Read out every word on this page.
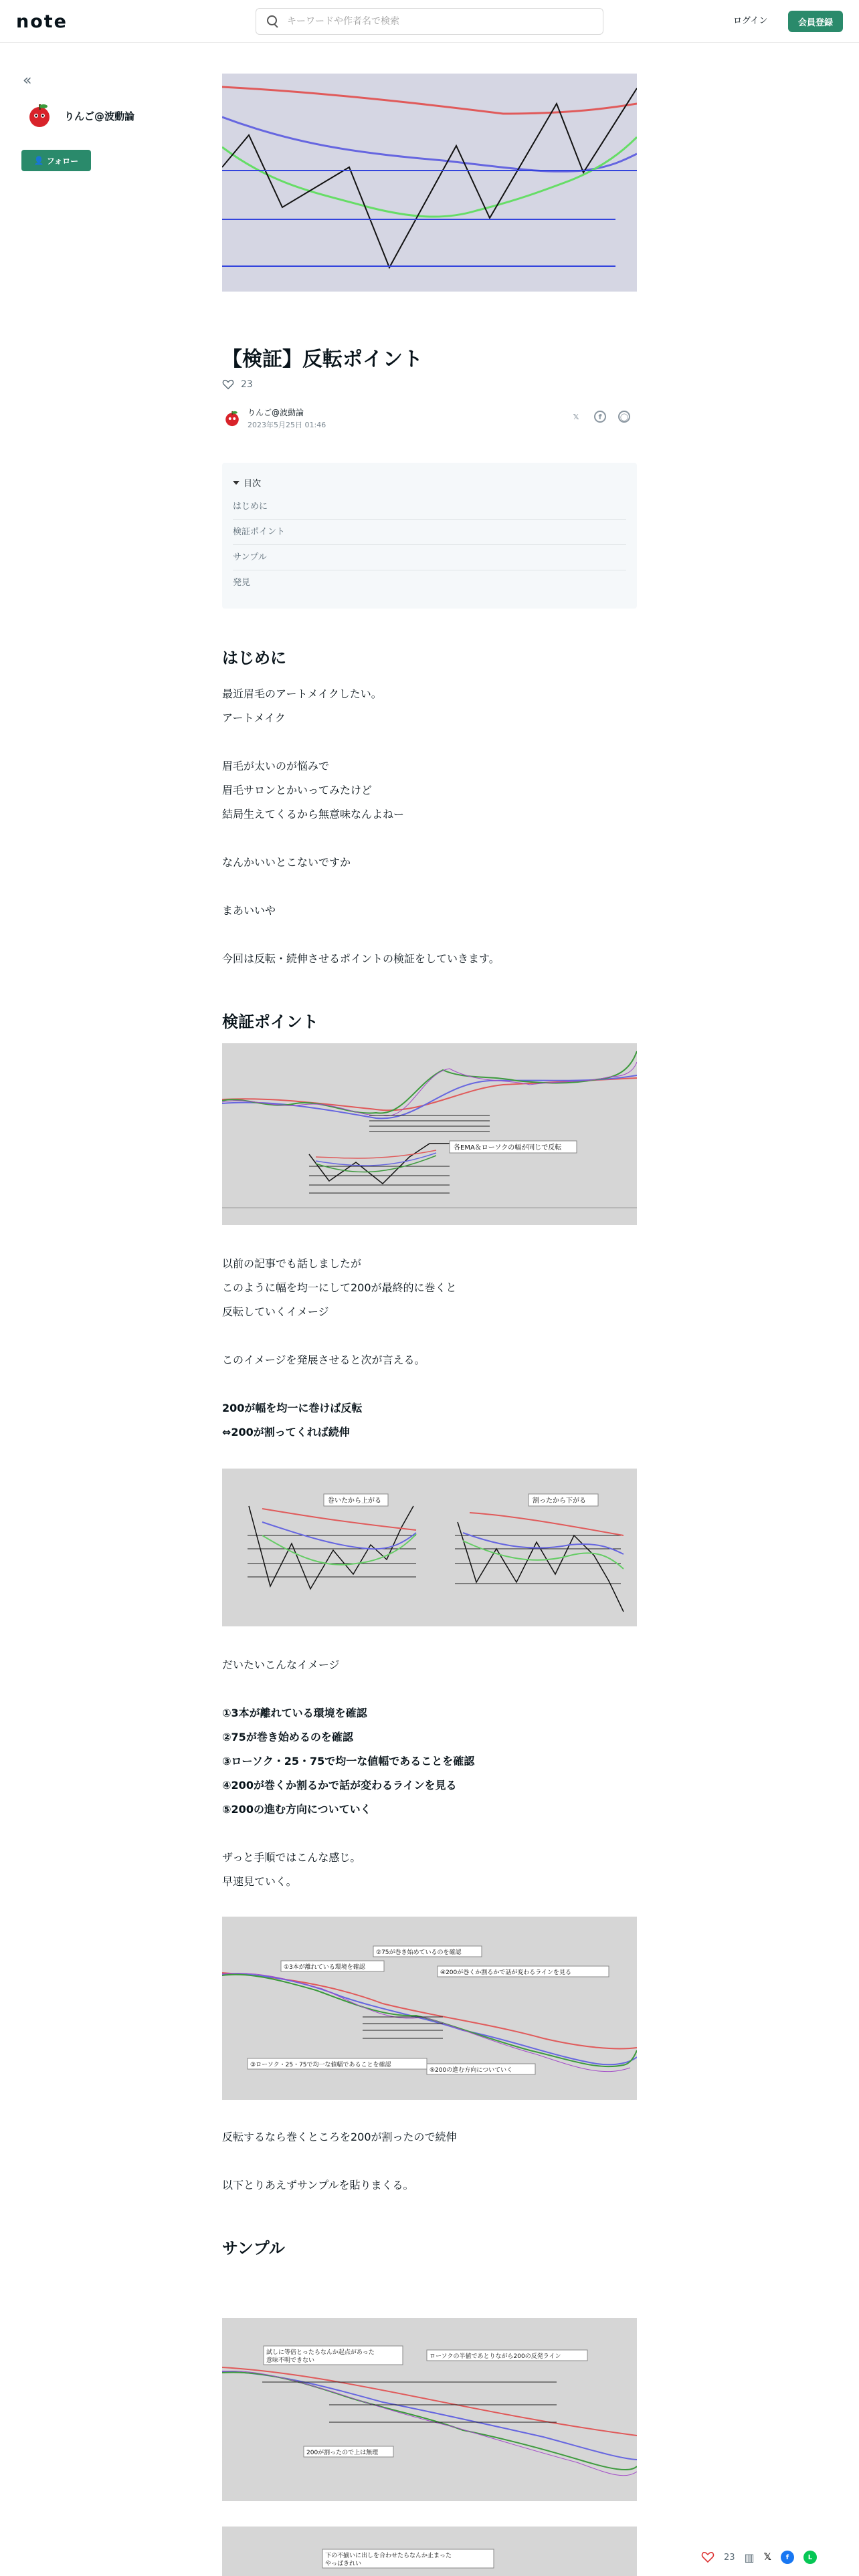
note
キーワードや作者名で検索	ログイン	会員登録
«
りんご@波動論
👤 フォロー
【検証】反転ポイント
23
りんご@波動論
2023年5月25日 01:46
𝕏	f	◯
目次
はじめに
検証ポイント
サンプル
発見
はじめに
最近眉毛のアートメイクしたい。
アートメイク
眉毛が太いのが悩みで
眉毛サロンとかいってみたけど
結局生えてくるから無意味なんよねー
なんかいいとこないですか
まあいいや
今回は反転・続伸させるポイントの検証をしていきます。
検証ポイント
各EMA＆ローソクの幅が同じで反転
以前の記事でも話しましたが
このように幅を均一にして200が最終的に巻くと
反転していくイメージ
このイメージを発展させると次が言える。
200が幅を均一に巻けば反転
⇔200が割ってくれば続伸
巻いたから上がる	割ったから下がる
だいたいこんなイメージ
①3本が離れている環境を確認
②75が巻き始めるのを確認
③ローソク・25・75で均一な値幅であることを確認
④200が巻くか割るかで話が変わるラインを見る
⑤200の進む方向についていく
ザっと手順ではこんな感じ。
早速見ていく。
②75が巻き始めているのを確認
①3本が離れている環境を確認
④200が巻くか割るかで話が変わるラインを見る
③ローソク・25・75で均一な値幅であることを確認
⑤200の進む方向についていく
反転するなら巻くところを200が割ったので続伸
以下とりあえずサンプルを貼りまくる。
サンプル
試しに等倍とったらなんか起点があった
意味不明できない
ローソクの半値であとりながら200の反発ライン
200が割ったので上は無理
下の不揃いに出しを合わせたらなんか止まった
やっぱきれい
23 ▥ 𝕏	f	L
